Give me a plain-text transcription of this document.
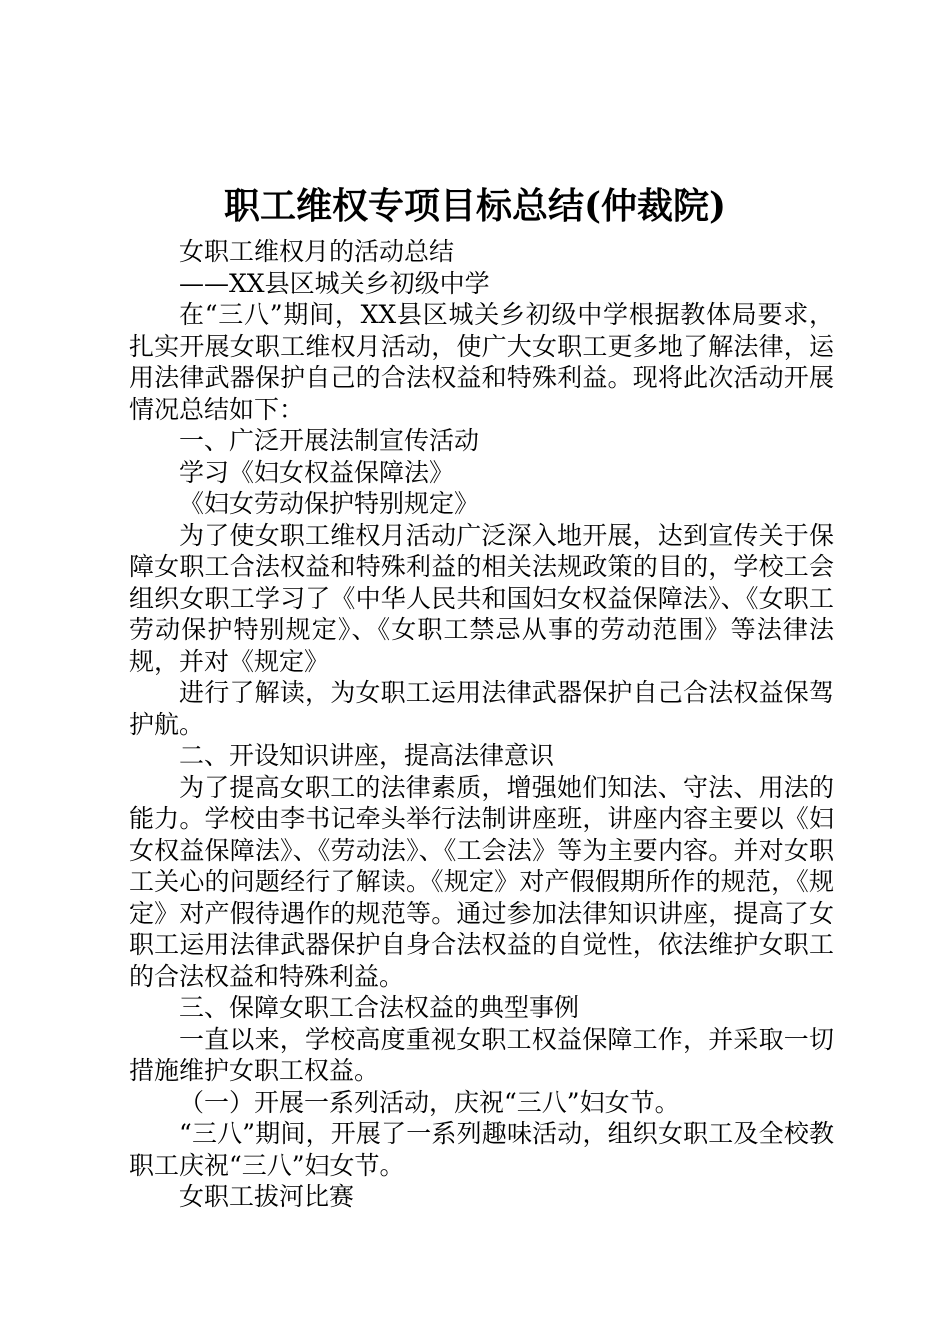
职工维权专项目标总结(仲裁院)

女职工维权月的活动总结

——XX县区城关乡初级中学

在“三八”期间，XX县区城关乡初级中学根据教体局要求，扎实开展女职工维权月活动，使广大女职工更多地了解法律，运用法律武器保护自己的合法权益和特殊利益。现将此次活动开展情况总结如下：

一、广泛开展法制宣传活动

学习《妇女权益保障法》

《妇女劳动保护特别规定》

为了使女职工维权月活动广泛深入地开展，达到宣传关于保障女职工合法权益和特殊利益的相关法规政策的目的，学校工会组织女职工学习了《中华人民共和国妇女权益保障法》、《女职工劳动保护特别规定》、《女职工禁忌从事的劳动范围》等法律法规，并对《规定》

进行了解读，为女职工运用法律武器保护自己合法权益保驾护航。

二、开设知识讲座，提高法律意识

为了提高女职工的法律素质，增强她们知法、守法、用法的能力。学校由李书记牵头举行法制讲座班，讲座内容主要以《妇女权益保障法》、《劳动法》、《工会法》等为主要内容。并对女职工关心的问题经行了解读。《规定》对产假假期所作的规范，《规定》对产假待遇作的规范等。通过参加法律知识讲座，提高了女职工运用法律武器保护自身合法权益的自觉性，依法维护女职工的合法权益和特殊利益。

三、保障女职工合法权益的典型事例

一直以来，学校高度重视女职工权益保障工作，并采取一切措施维护女职工权益。

（一）开展一系列活动，庆祝“三八”妇女节。

“三八”期间，开展了一系列趣味活动，组织女职工及全校教职工庆祝“三八”妇女节。

女职工拔河比赛
